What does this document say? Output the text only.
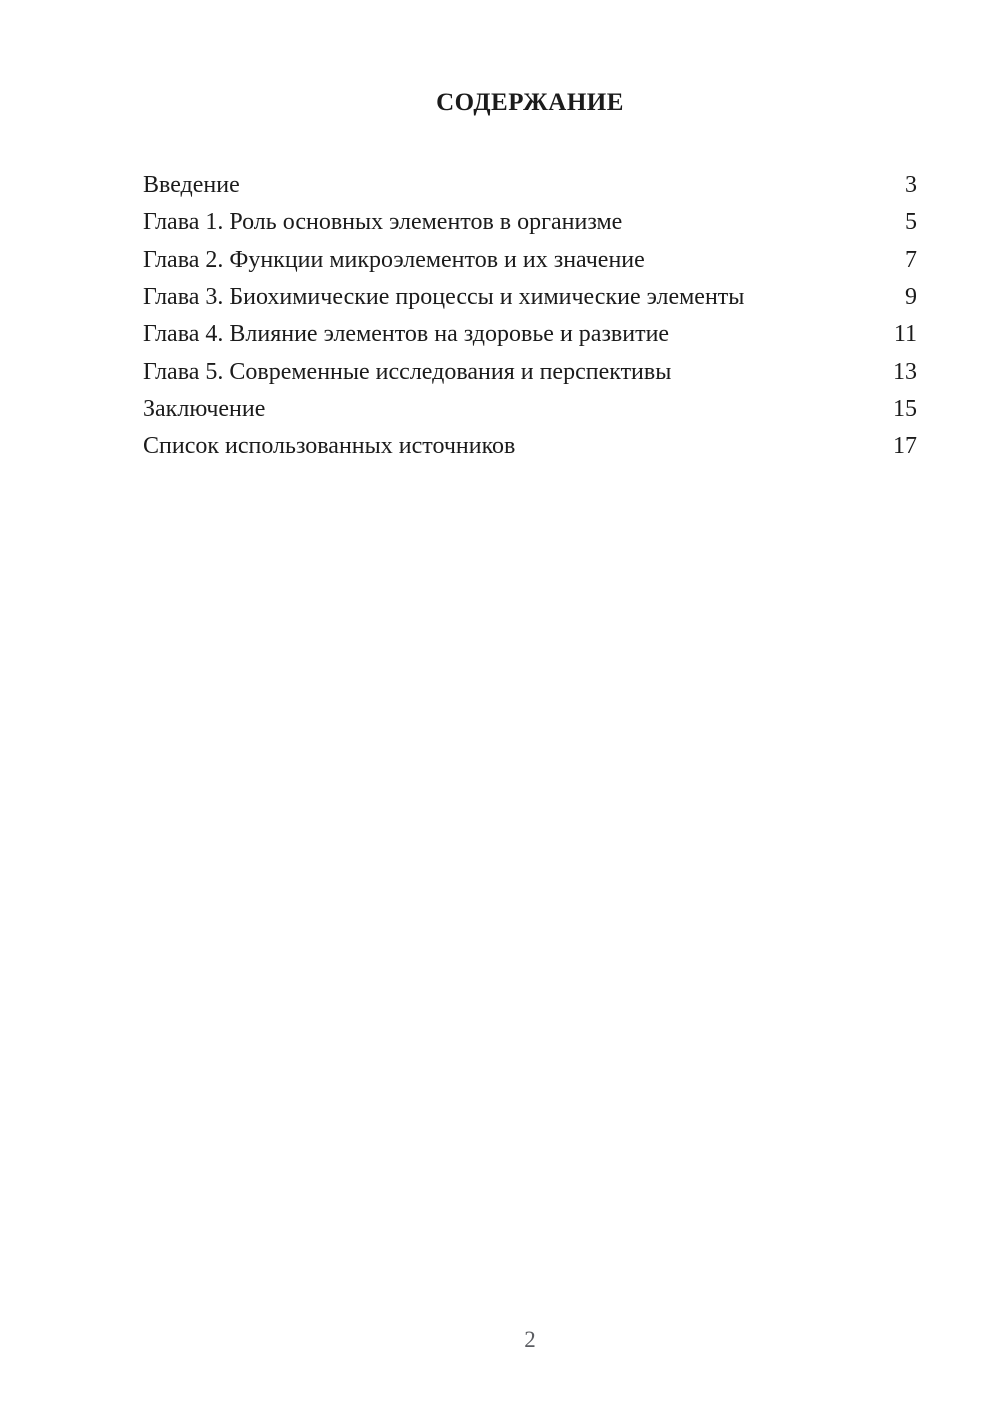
СОДЕРЖАНИЕ
Введение	3
Глава 1. Роль основных элементов в организме	5
Глава 2. Функции микроэлементов и их значение	7
Глава 3. Биохимические процессы и химические элементы	9
Глава 4. Влияние элементов на здоровье и развитие	11
Глава 5. Современные исследования и перспективы	13
Заключение	15
Список использованных источников	17
2
